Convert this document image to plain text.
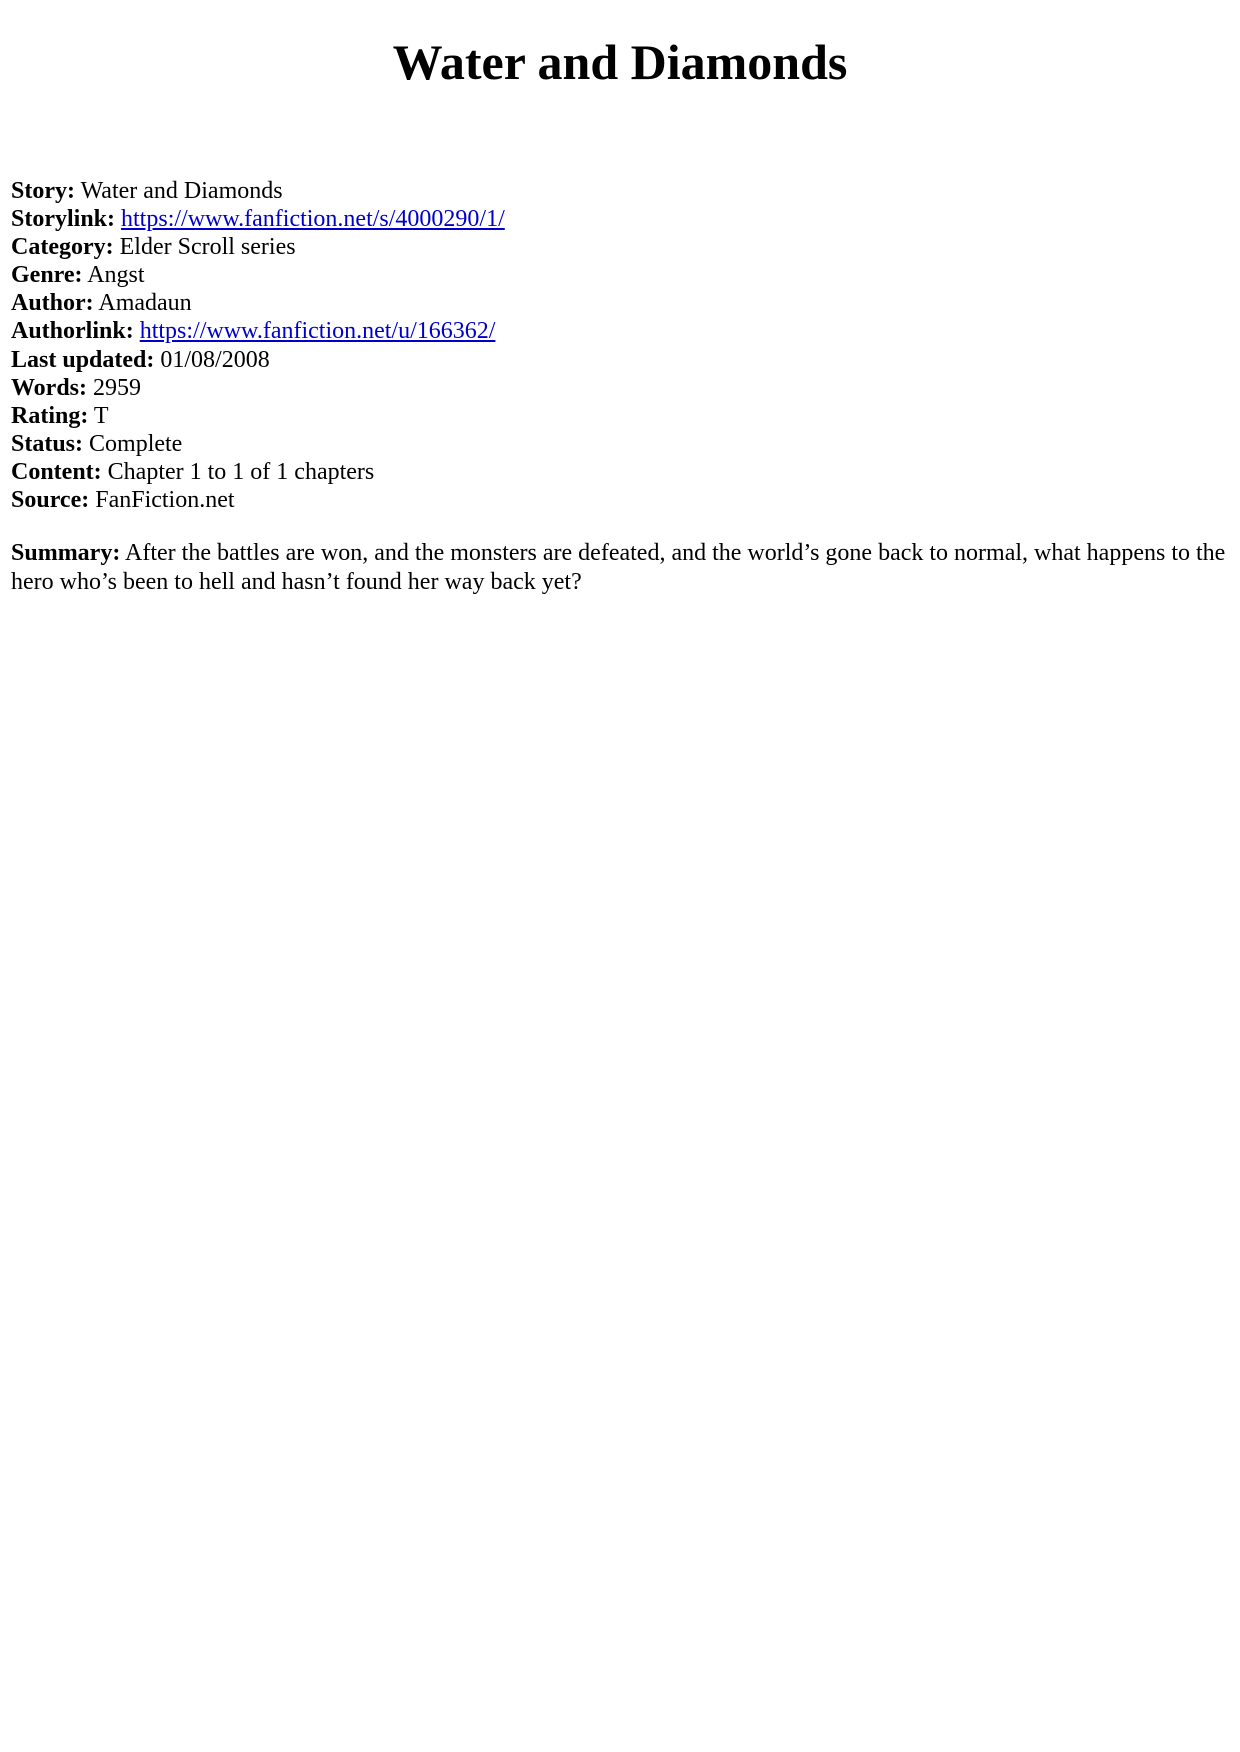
Water and Diamonds
Story: Water and Diamonds
Storylink: https://www.fanfiction.net/s/4000290/1/
Category: Elder Scroll series
Genre: Angst
Author: Amadaun
Authorlink: https://www.fanfiction.net/u/166362/
Last updated: 01/08/2008
Words: 2959
Rating: T
Status: Complete
Content: Chapter 1 to 1 of 1 chapters
Source: FanFiction.net
Summary: After the battles are won, and the monsters are defeated, and the world’s gone back to normal, what happens to the hero who’s been to hell and hasn’t found her way back yet?
